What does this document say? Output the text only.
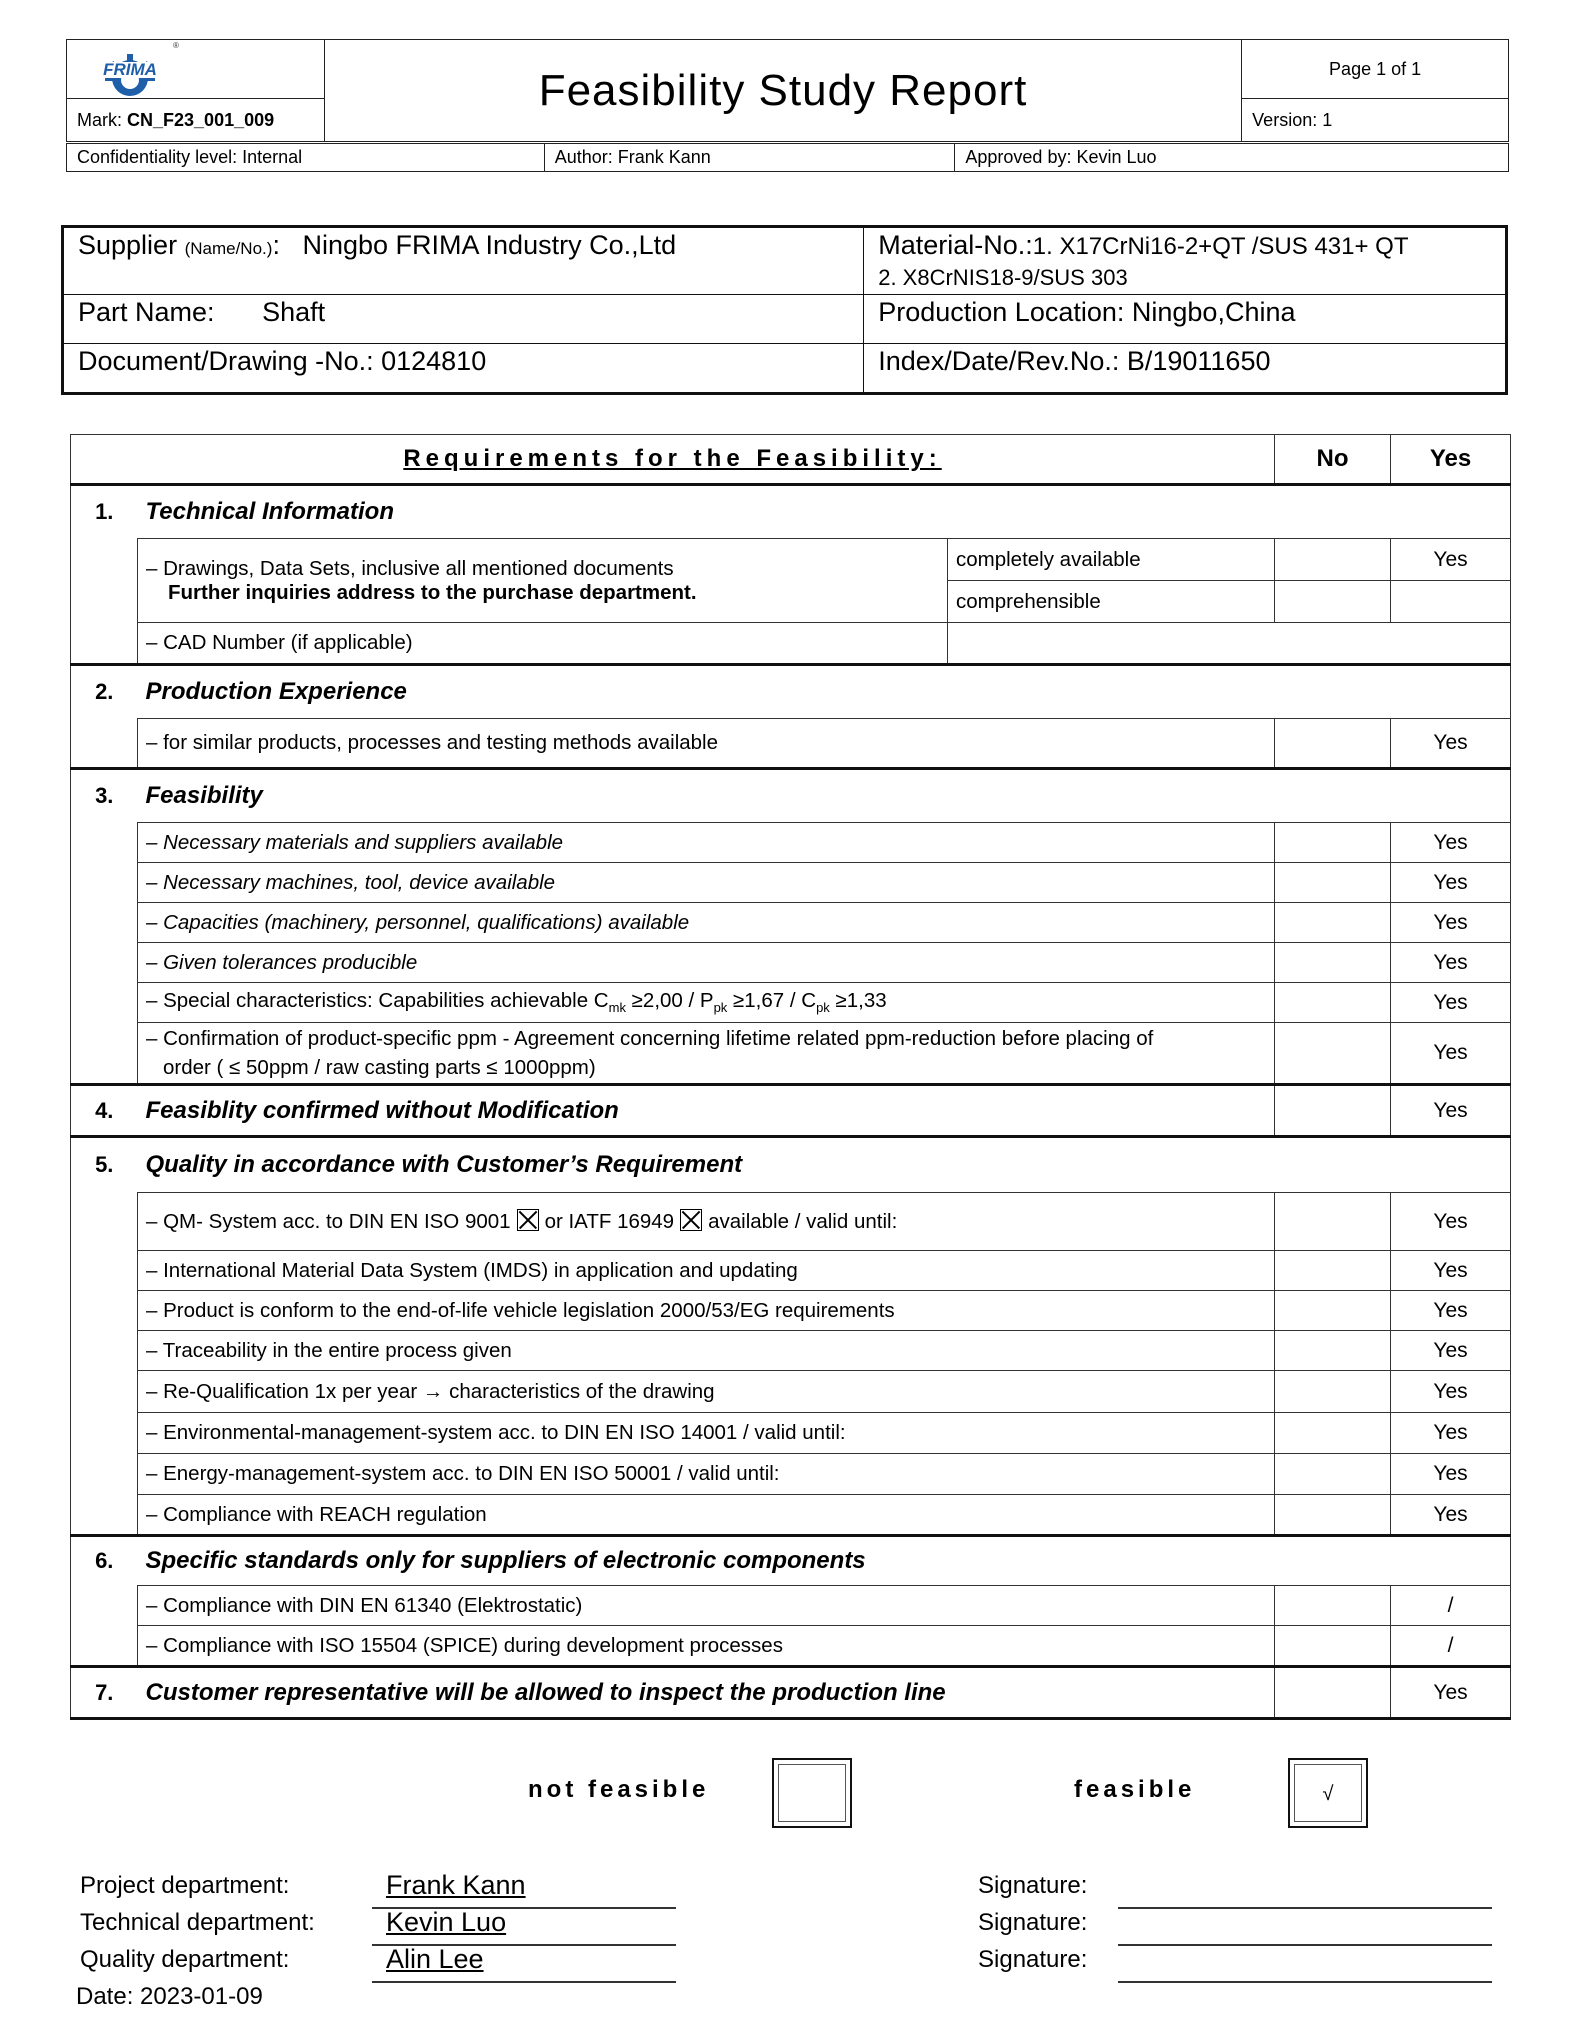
FRIMA
®	Feasibility Study Report	Page 1 of 1
Mark: CN_F23_001_009		Version: 1
Confidentiality level: Internal	Author: Frank Kann	Approved by: Kevin Luo
Supplier (Name/No.): Ningbo FRIMA Industry Co.,Ltd	Material-No.:1. X17CrNi16-2+QT /SUS 431+ QT
2. X8CrNIS18-9/SUS 303
Part Name: Shaft	Production Location: Ningbo,China
Document/Drawing -No.: 0124810	Index/Date/Rev.No.: B/19011650
Requirements for the Feasibility:			No	Yes
1.	Technical Information			
	– Drawings, Data Sets, inclusive all mentioned documents
Further inquiries address to the purchase department.	completely available		Yes
		comprehensible		
	– CAD Number (if applicable)			
2.	Production Experience			
	– for similar products, processes and testing methods available			Yes
3.	Feasibility			
	– Necessary materials and suppliers available			Yes
	– Necessary machines, tool, device available			Yes
	– Capacities (machinery, personnel, qualifications) available			Yes
	– Given tolerances producible			Yes
	– Special characteristics: Capabilities achievable $C_{mk} \ge 2,00 / P_{pk} \ge 1,67 / C_{pk} \ge 1,33$			Yes
	– Confirmation of product-specific ppm - Agreement concerning lifetime related ppm-reduction before placing of
order ( ≤ 50ppm / raw casting parts ≤ 1000ppm)			Yes
4.	Feasiblity confirmed without Modification			Yes
5.	Quality in accordance with Customer’s Requirement			
	– QM- System acc. to DIN EN ISO 9001 or IATF 16949 available / valid until:			Yes
	– International Material Data System (IMDS) in application and updating			Yes
	– Product is conform to the end-of-life vehicle legislation 2000/53/EG requirements			Yes
	– Traceability in the entire process given			Yes
	– Re-Qualification 1x per year → characteristics of the drawing			Yes
	– Environmental-management-system acc. to DIN EN ISO 14001 / valid until:			Yes
	– Energy-management-system acc. to DIN EN ISO 50001 / valid until:			Yes
	– Compliance with REACH regulation			Yes
6.	Specific standards only for suppliers of electronic components			
	– Compliance with DIN EN 61340 (Elektrostatic)			/
	– Compliance with ISO 15504 (SPICE) during development processes			/
7.	Customer representative will be allowed to inspect the production line			Yes
not feasible	feasible	√
Project department:	Frank Kann
Technical department:	Kevin Luo
Quality department:	Alin Lee
Signature:
Signature:
Signature:
Date: 2023-01-09
